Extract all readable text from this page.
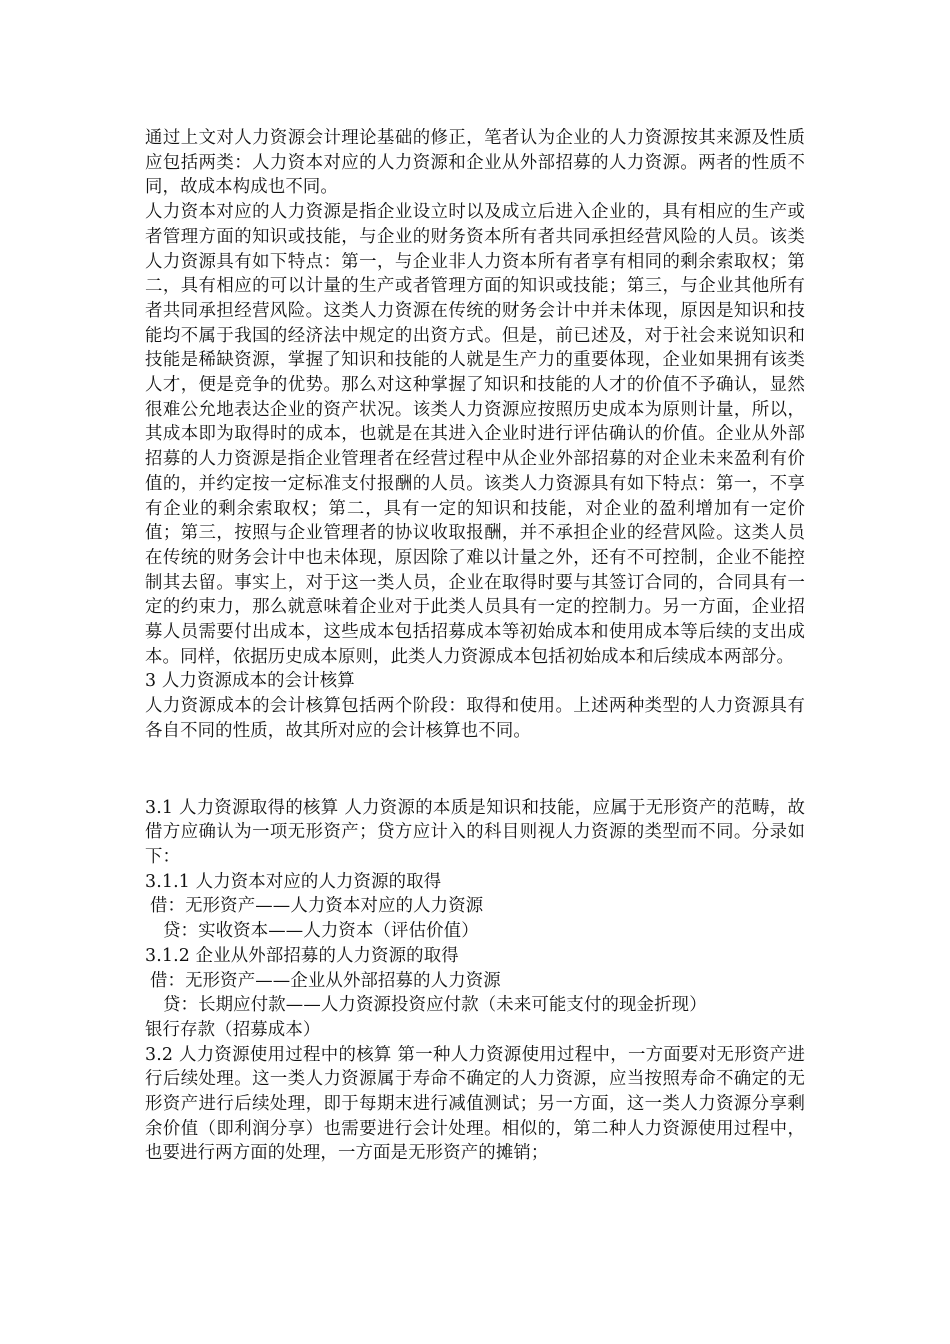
通过上文对人力资源会计理论基础的修正，笔者认为企业的人力资源按其来源及性质应包括两类：人力资本对应的人力资源和企业从外部招募的人力资源。两者的性质不同，故成本构成也不同。

人力资本对应的人力资源是指企业设立时以及成立后进入企业的，具有相应的生产或者管理方面的知识或技能，与企业的财务资本所有者共同承担经营风险的人员。该类人力资源具有如下特点：第一，与企业非人力资本所有者享有相同的剩余索取权；第二，具有相应的可以计量的生产或者管理方面的知识或技能；第三，与企业其他所有者共同承担经营风险。这类人力资源在传统的财务会计中并未体现，原因是知识和技能均不属于我国的经济法中规定的出资方式。但是，前已述及，对于社会来说知识和技能是稀缺资源，掌握了知识和技能的人就是生产力的重要体现，企业如果拥有该类人才，便是竞争的优势。那么对这种掌握了知识和技能的人才的价值不予确认，显然很难公允地表达企业的资产状况。该类人力资源应按照历史成本为原则计量，所以，其成本即为取得时的成本，也就是在其进入企业时进行评估确认的价值。企业从外部招募的人力资源是指企业管理者在经营过程中从企业外部招募的对企业未来盈利有价值的，并约定按一定标准支付报酬的人员。该类人力资源具有如下特点：第一，不享有企业的剩余索取权；第二，具有一定的知识和技能，对企业的盈利增加有一定价值；第三，按照与企业管理者的协议收取报酬，并不承担企业的经营风险。这类人员在传统的财务会计中也未体现，原因除了难以计量之外，还有不可控制，企业不能控制其去留。事实上，对于这一类人员，企业在取得时要与其签订合同的，合同具有一定的约束力，那么就意味着企业对于此类人员具有一定的控制力。另一方面，企业招募人员需要付出成本，这些成本包括招募成本等初始成本和使用成本等后续的支出成本。同样，依据历史成本原则，此类人力资源成本包括初始成本和后续成本两部分。

3 人力资源成本的会计核算

人力资源成本的会计核算包括两个阶段：取得和使用。上述两种类型的人力资源具有各自不同的性质，故其所对应的会计核算也不同。

3.1 人力资源取得的核算 人力资源的本质是知识和技能，应属于无形资产的范畴，故借方应确认为一项无形资产；贷方应计入的科目则视人力资源的类型而不同。分录如下：

3.1.1 人力资本对应的人力资源的取得

借：无形资产——人力资本对应的人力资源

贷：实收资本——人力资本（评估价值）

3.1.2 企业从外部招募的人力资源的取得

借：无形资产——企业从外部招募的人力资源

贷：长期应付款——人力资源投资应付款（未来可能支付的现金折现）

银行存款（招募成本）

3.2 人力资源使用过程中的核算 第一种人力资源使用过程中，一方面要对无形资产进行后续处理。这一类人力资源属于寿命不确定的人力资源，应当按照寿命不确定的无形资产进行后续处理，即于每期末进行减值测试；另一方面，这一类人力资源分享剩余价值（即利润分享）也需要进行会计处理。相似的，第二种人力资源使用过程中，也要进行两方面的处理，一方面是无形资产的摊销；
